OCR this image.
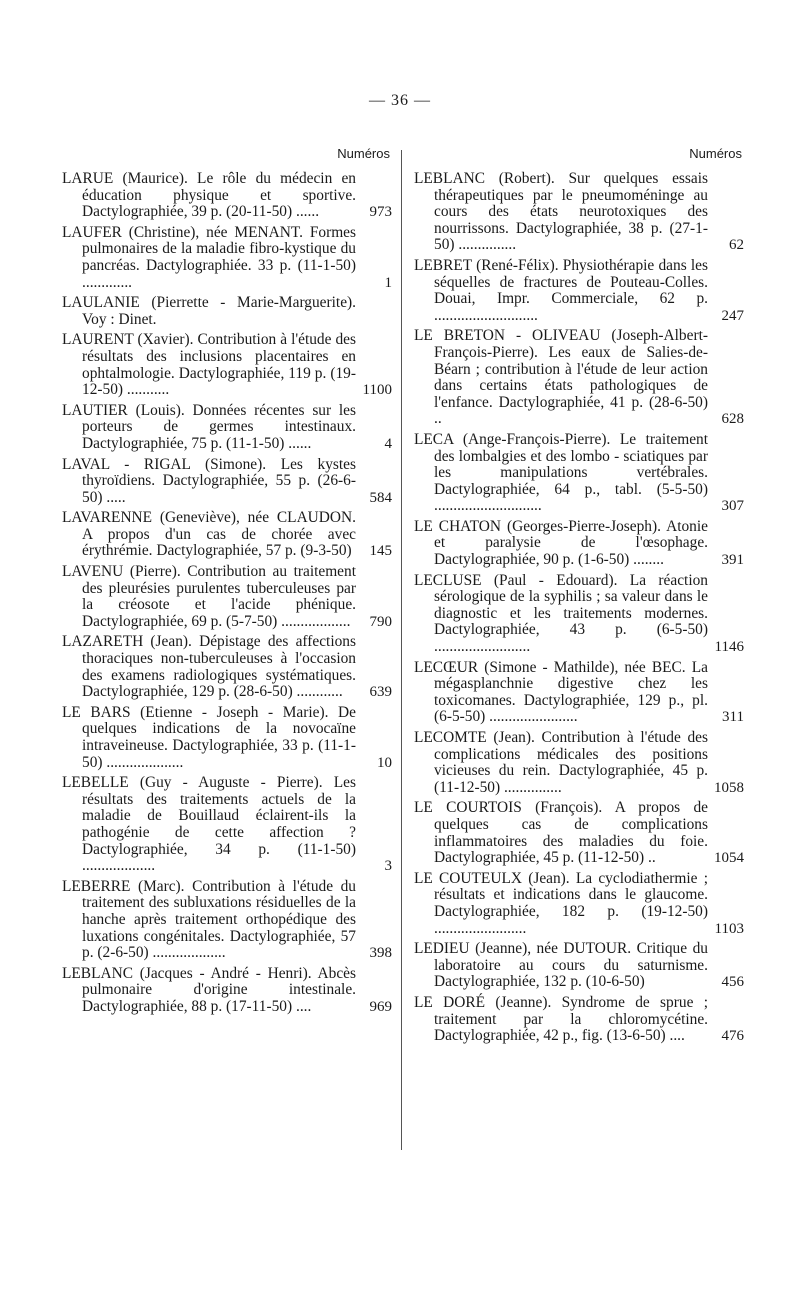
— 36 —
Numéros
LARUE (Maurice). Le rôle du médecin en éducation physique et sportive. Dactylographiée, 39 p. (20-11-50) ......	973
LAUFER (Christine), née MENANT. Formes pulmonaires de la maladie fibro-kystique du pancréas. Dactylographiée. 33 p. (11-1-50) .............	1
LAULANIE (Pierrette - Marie-Marguerite). Voy : Dinet.
LAURENT (Xavier). Contribution à l'étude des résultats des inclusions placentaires en ophtalmologie. Dactylographiée, 119 p. (19-12-50) ...........	1100
LAUTIER (Louis). Données récentes sur les porteurs de germes intestinaux. Dactylographiée, 75 p. (11-1-50) ......	4
LAVAL - RIGAL (Simone). Les kystes thyroïdiens. Dactylographiée, 55 p. (26-6-50) .....	584
LAVARENNE (Geneviève), née CLAUDON. A propos d'un cas de chorée avec érythrémie. Dactylographiée, 57 p. (9-3-50) 145
LAVENU (Pierre). Contribution au traitement des pleurésies purulentes tuberculeuses par la créosote et l'acide phénique. Dactylographiée, 69 p. (5-7-50) .................. 790
LAZARETH (Jean). Dépistage des affections thoraciques non-tuberculeuses à l'occasion des examens radiologiques systématiques. Dactylographiée, 129 p. (28-6-50) ............ 639
LE BARS (Etienne - Joseph - Marie). De quelques indications de la novocaïne intraveineuse. Dactylographiée, 33 p. (11-1-50) ....................	10
LEBELLE (Guy - Auguste - Pierre). Les résultats des traitements actuels de la maladie de Bouillaud éclairent-ils la pathogénie de cette affection ? Dactylographiée, 34 p. (11-1-50) ...................	3
LEBERRE (Marc). Contribution à l'étude du traitement des subluxations résiduelles de la hanche après traitement orthopédique des luxations congénitales. Dactylographiée, 57 p. (2-6-50) ...................	398
LEBLANC (Jacques - André - Henri). Abcès pulmonaire d'origine intestinale. Dactylographiée, 88 p. (17-11-50) ....	969
Numéros
LEBLANC (Robert). Sur quelques essais thérapeutiques par le pneumoméninge au cours des états neurotoxiques des nourrissons. Dactylographiée, 38 p. (27-1-50) ...............	62
LEBRET (René-Félix). Physiothérapie dans les séquelles de fractures de Pouteau-Colles. Douai, Impr. Commerciale, 62 p. ...........................	247
LE BRETON - OLIVEAU (Joseph-Albert-François-Pierre). Les eaux de Salies-de-Béarn ; contribution à l'étude de leur action dans certains états pathologiques de l'enfance. Dactylographiée, 41 p. (28-6-50) ..	628
LECA (Ange-François-Pierre). Le traitement des lombalgies et des lombo - sciatiques par les manipulations vertébrales. Dactylographiée, 64 p., tabl. (5-5-50) ............................	307
LE CHATON (Georges-Pierre-Joseph). Atonie et paralysie de l'œsophage. Dactylographiée, 90 p. (1-6-50) ........	391
LECLUSE (Paul - Edouard). La réaction sérologique de la syphilis ; sa valeur dans le diagnostic et les traitements modernes. Dactylographiée, 43 p. (6-5-50) .........................	1146
LECŒUR (Simone - Mathilde), née BEC. La mégasplanchnie digestive chez les toxicomanes. Dactylographiée, 129 p., pl. (6-5-50) .......................	311
LECOMTE (Jean). Contribution à l'étude des complications médicales des positions vicieuses du rein. Dactylographiée, 45 p. (11-12-50) ...............	1058
LE COURTOIS (François). A propos de quelques cas de complications inflammatoires des maladies du foie. Dactylographiée, 45 p. (11-12-50) ..	1054
LE COUTEULX (Jean). La cyclodiathermie ; résultats et indications dans le glaucome. Dactylographiée, 182 p. (19-12-50) ........................	1103
LEDIEU (Jeanne), née DUTOUR. Critique du laboratoire au cours du saturnisme. Dactylographiée, 132 p. (10-6-50)	456
LE DORÉ (Jeanne). Syndrome de sprue ; traitement par la chloromycétine. Dactylographiée, 42 p., fig. (13-6-50) .... 476
